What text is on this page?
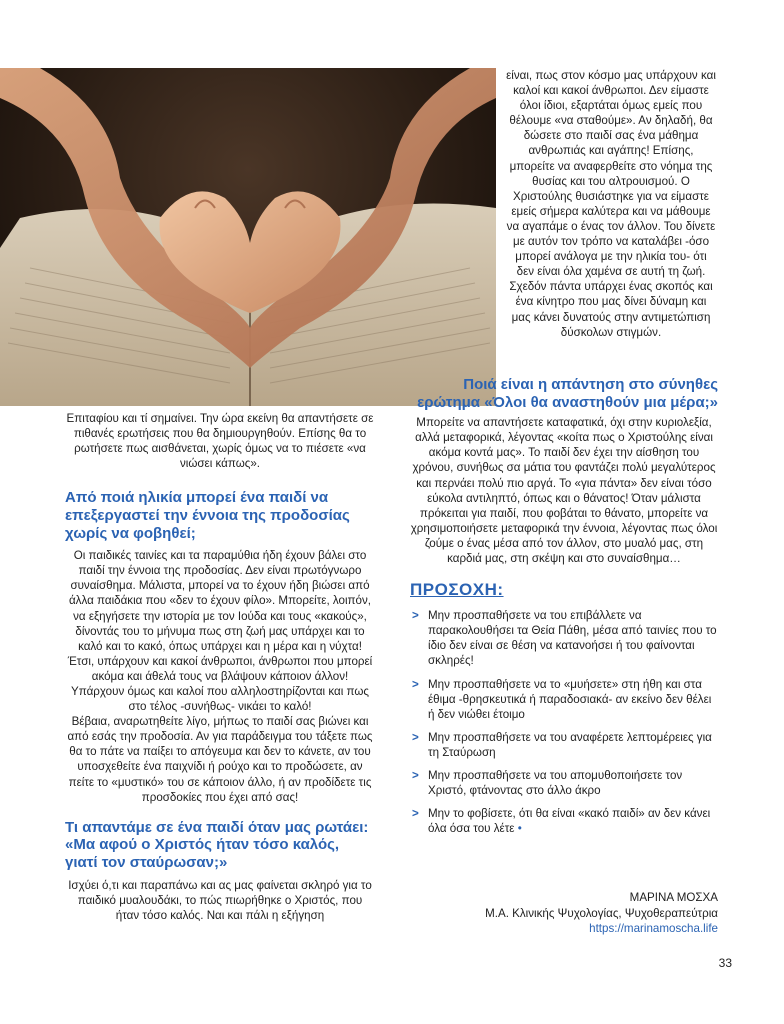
είναι, πως στον κόσμο μας υπάρχουν και καλοί και κακοί άνθρωποι. Δεν είμαστε όλοι ίδιοι, εξαρτάται όμως εμείς που θέλουμε «να σταθούμε». Αν δηλαδή, θα δώσετε στο παιδί σας ένα μάθημα ανθρωπιάς και αγάπης! Επίσης, μπορείτε να αναφερθείτε στο νόημα της θυσίας και του αλτρουισμού. Ο Χριστούλης θυσιάστηκε για να είμαστε εμείς σήμερα καλύτερα και να μάθουμε να αγαπάμε ο ένας τον άλλον. Του δίνετε με αυτόν τον τρόπο να καταλάβει -όσο μπορεί ανάλογα με την ηλικία του- ότι δεν είναι όλα χαμένα σε αυτή τη ζωή. Σχεδόν πάντα υπάρχει ένας σκοπός και ένα κίνητρο που μας δίνει δύναμη και μας κάνει δυνατούς στην αντιμετώπιση δύσκολων στιγμών.

Επιταφίου και τί σημαίνει. Την ώρα εκείνη θα απαντήσετε σε πιθανές ερωτήσεις που θα δημιουργηθούν. Επίσης θα το ρωτήσετε πως αισθάνεται, χωρίς όμως να το πιέσετε «να νιώσει κάπως».

Από ποιά ηλικία μπορεί ένα παιδί να επεξεργαστεί την έννοια της προδοσίας χωρίς να φοβηθεί;

Οι παιδικές ταινίες και τα παραμύθια ήδη έχουν βάλει στο παιδί την έννοια της προδοσίας. Δεν είναι πρωτόγνωρο συναίσθημα. Μάλιστα, μπορεί να το έχουν ήδη βιώσει από άλλα παιδάκια που «δεν το έχουν φίλο». Μπορείτε, λοιπόν, να εξηγήσετε την ιστορία με τον Ιούδα και τους «κακούς», δίνοντάς του το μήνυμα πως στη ζωή μας υπάρχει και το καλό και το κακό, όπως υπάρχει και η μέρα και η νύχτα! Έτσι, υπάρχουν και κακοί άνθρωποι, άνθρωποι που μπορεί ακόμα και άθελά τους να βλάψουν κάποιον άλλον! Υπάρχουν όμως και καλοί που αλληλοστηρίζονται και πως στο τέλος -συνήθως- νικάει το καλό!

Βέβαια, αναρωτηθείτε λίγο, μήπως το παιδί σας βιώνει και από εσάς την προδοσία. Αν για παράδειγμα του τάξετε πως θα το πάτε να παίξει το απόγευμα και δεν το κάνετε, αν του υποσχεθείτε ένα παιχνίδι ή ρούχο και το προδώσετε, αν πείτε το «μυστικό» του σε κάποιον άλλο, ή αν προδίδετε τις προσδοκίες που έχει από σας!

Τι απαντάμε σε ένα παιδί όταν μας ρωτάει: «Μα αφού ο Χριστός ήταν τόσο καλός, γιατί τον σταύρωσαν;»

Ισχύει ό,τι και παραπάνω και ας μας φαίνεται σκληρό για το παιδικό μυαλουδάκι, το πώς πιωρήθηκε ο Χριστός, που ήταν τόσο καλός. Ναι και πάλι η εξήγηση

Ποιά είναι η απάντηση στο σύνηθες ερώτημα «Όλοι θα αναστηθούν μια μέρα;»

Μπορείτε να απαντήσετε καταφατικά, όχι στην κυριολεξία, αλλά μεταφορικά, λέγοντας «κοίτα πως ο Χριστούλης είναι ακόμα κοντά μας». Το παιδί δεν έχει την αίσθηση του χρόνου, συνήθως σα μάτια του φαντάζει πολύ μεγαλύτερος και περνάει πολύ πιο αργά. Το «για πάντα» δεν είναι τόσο εύκολα αντιληπτό, όπως και ο θάνατος! Όταν μάλιστα πρόκειται για παιδί, που φοβάται το θάνατο, μπορείτε να χρησιμοποιήσετε μεταφορικά την έννοια, λέγοντας πως όλοι ζούμε ο ένας μέσα από τον άλλον, στο μυαλό μας, στη καρδιά μας, στη σκέψη και στο συναίσθημα…

ΠΡΟΣΟΧΗ:
> Μην προσπαθήσετε να του επιβάλλετε να παρακολουθήσει τα Θεία Πάθη, μέσα από ταινίες που το ίδιο δεν είναι σε θέση να κατανοήσει ή του φαίνονται σκληρές!
> Μην προσπαθήσετε να το «μυήσετε» στη ήθη και στα έθιμα -θρησκευτικά ή παραδοσιακά- αν εκείνο δεν θέλει ή δεν νιώθει έτοιμο
> Μην προσπαθήσετε να του αναφέρετε λεπτομέρειες για τη Σταύρωση
> Μην προσπαθήσετε να του απομυθοποιήσετε τον Χριστό, φτάνοντας στο άλλο άκρο
> Μην το φοβίσετε, ότι θα είναι «κακό παιδί» αν δεν κάνει όλα όσα του λέτε •
ΜΑΡΙΝΑ ΜΟΣΧΑ
Μ.Α. Κλινικής Ψυχολογίας, Ψυχοθεραπεύτρια
https://marinamoscha.life
33
